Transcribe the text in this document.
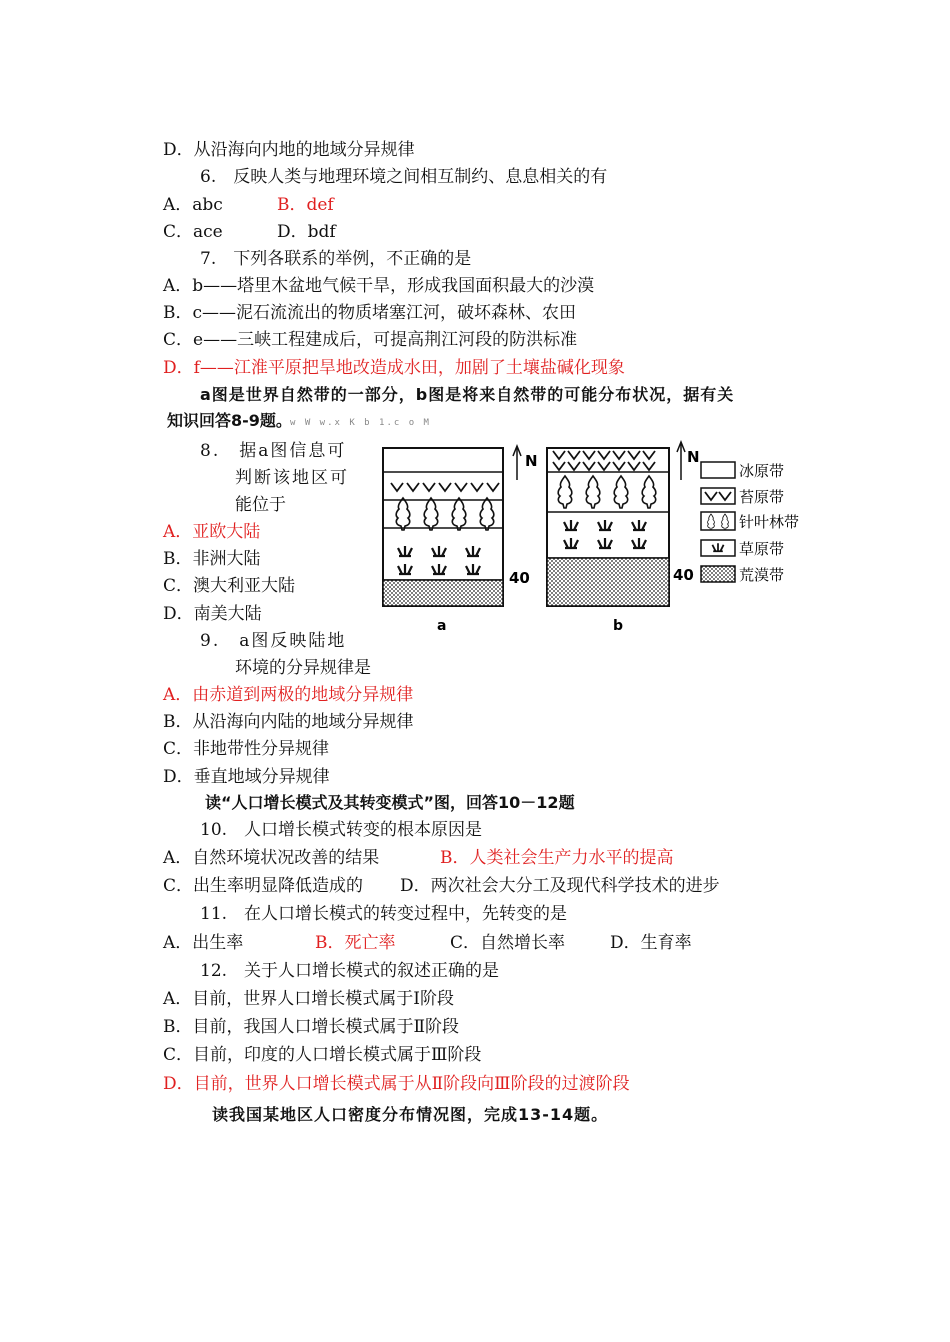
D．从沿海向内地的地域分异规律
6.　反映人类与地理环境之间相互制约、息息相关的有
A．abc	B．def
C．ace	D．bdf
7.　下列各联系的举例，不正确的是
A．b——塔里木盆地气候干旱，形成我国面积最大的沙漠
B．c——泥石流流出的物质堵塞江河，破坏森林、农田
C．e——三峡工程建成后，可提高荆江河段的防洪标准
D．f——江淮平原把旱地改造成水田，加剧了土壤盐碱化现象
a图是世界自然带的一部分，b图是将来自然带的可能分布状况，据有关
知识回答8-9题。
w W w.x K b 1.c o M
8.　据a图信息可
判断该地区可
能位于
A．亚欧大陆
B．非洲大陆
C．澳大利亚大陆
D．南美大陆
9.　a图反映陆地
环境的分异规律是
A．由赤道到两极的地域分异规律
B．从沿海向内陆的地域分异规律
C．非地带性分异规律
D．垂直地域分异规律
读“人口增长模式及其转变模式”图，回答10－12题
10.　人口增长模式转变的根本原因是
A．自然环境状况改善的结果	B．人类社会生产力水平的提高
C．出生率明显降低造成的 D．两次社会大分工及现代科学技术的进步
11.　在人口增长模式的转变过程中，先转变的是
A．出生率	B．死亡率	C．自然增长率	D．生育率
12.　关于人口增长模式的叙述正确的是
A．目前，世界人口增长模式属于Ⅰ阶段
B．目前，我国人口增长模式属于Ⅱ阶段
C．目前，印度的人口增长模式属于Ⅲ阶段
D．目前，世界人口增长模式属于从Ⅱ阶段向Ⅲ阶段的过渡阶段
读我国某地区人口密度分布情况图，完成13-14题。
N
40
a
N
40
b
冰原带
苔原带
针叶林带
草原带
荒漠带
